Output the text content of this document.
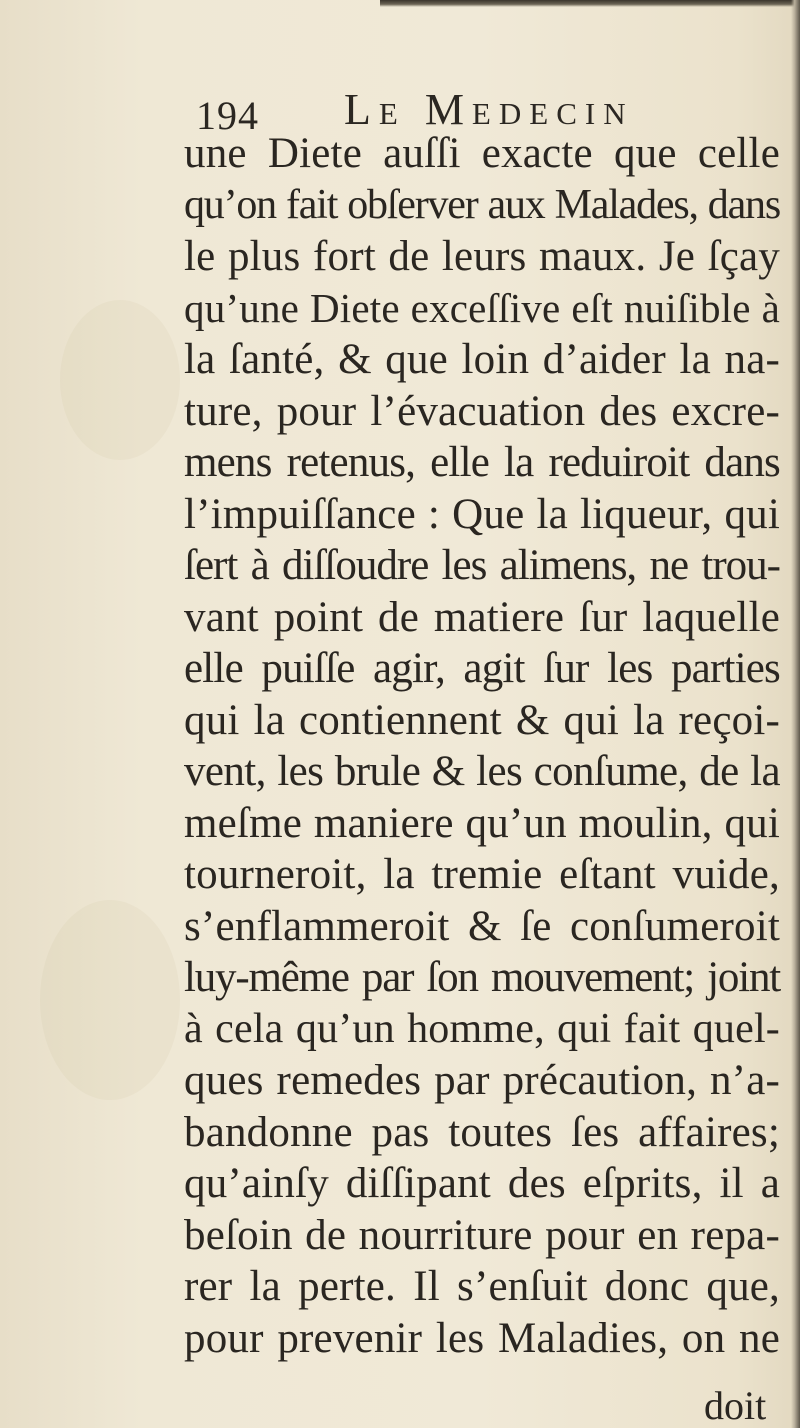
194 Le Medecin
une Diete auſſi exacte que celle
qu’on fait obſerver aux Malades, dans
le plus fort de leurs maux. Je ſçay
qu’une Diete exceſſive eſt nuiſible à
la ſanté, & que loin d’aider la na-
ture, pour l’évacuation des excre-
mens retenus, elle la reduiroit dans
l’impuiſſance : Que la liqueur, qui
ſert à diſſoudre les alimens, ne trou-
vant point de matiere ſur laquelle
elle puiſſe agir, agit ſur les parties
qui la contiennent & qui la reçoi-
vent, les brule & les conſume, de la
meſme maniere qu’un moulin, qui
tourneroit, la tremie eſtant vuide,
s’enflammeroit & ſe conſumeroit
luy-même par ſon mouvement; joint
à cela qu’un homme, qui fait quel-
ques remedes par précaution, n’a-
bandonne pas toutes ſes affaires;
qu’ainſy diſſipant des eſprits, il a
beſoin de nourriture pour en repa-
rer la perte. Il s’enſuit donc que,
pour prevenir les Maladies, on ne
doit
